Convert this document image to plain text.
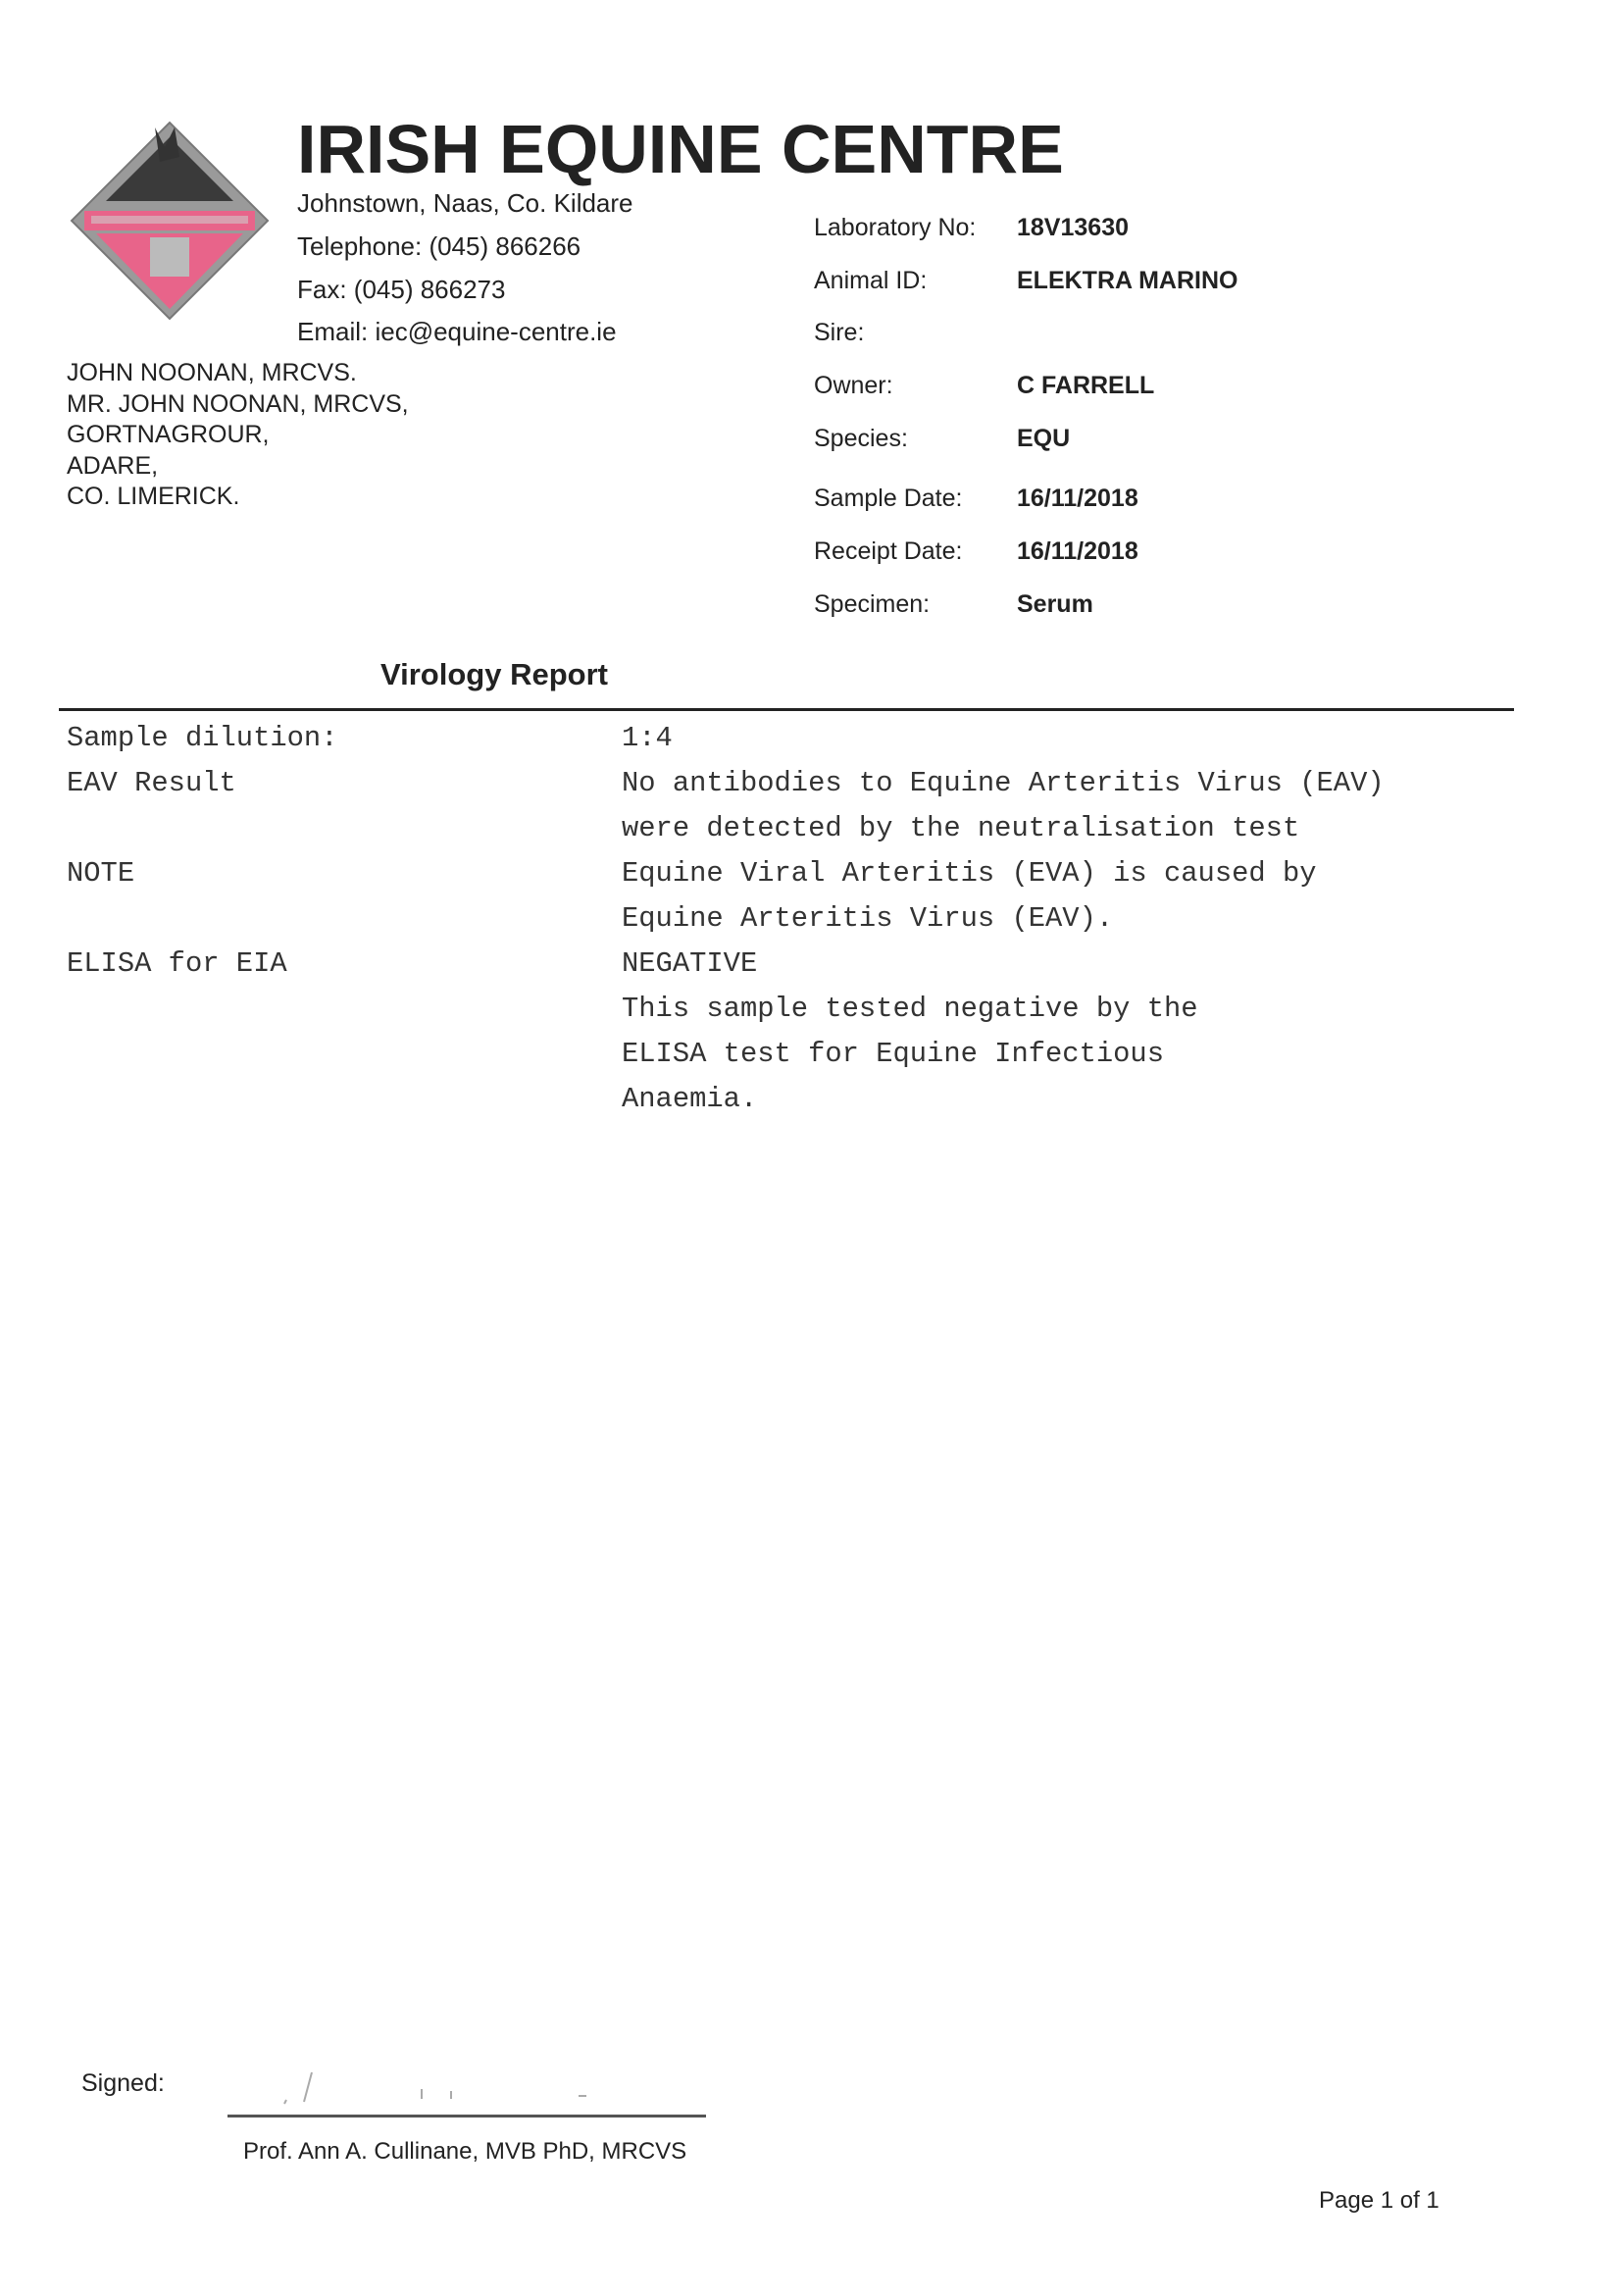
IRISH EQUINE CENTRE
Johnstown, Naas, Co. Kildare
Telephone: (045) 866266
Fax: (045) 866273
Email: iec@equine-centre.ie
JOHN NOONAN, MRCVS.
MR. JOHN NOONAN, MRCVS,
GORTNAGROUR,
ADARE,
CO. LIMERICK.
Laboratory No: 18V13630
Animal ID:	ELEKTRA MARINO
Sire:
Owner:	C FARRELL
Species:	EQU
Sample Date: 16/11/2018
Receipt Date: 16/11/2018
Specimen:	Serum
Virology Report
Sample dilution:	1:4
EAV Result	No antibodies to Equine Arteritis Virus (EAV)
were detected by the neutralisation test
NOTE	Equine Viral Arteritis (EVA) is caused by
Equine Arteritis Virus (EAV).
ELISA for EIA	NEGATIVE
This sample tested negative by the
ELISA test for Equine Infectious
Anaemia.
Signed:
Prof. Ann A. Cullinane, MVB PhD, MRCVS
Page 1 of 1
